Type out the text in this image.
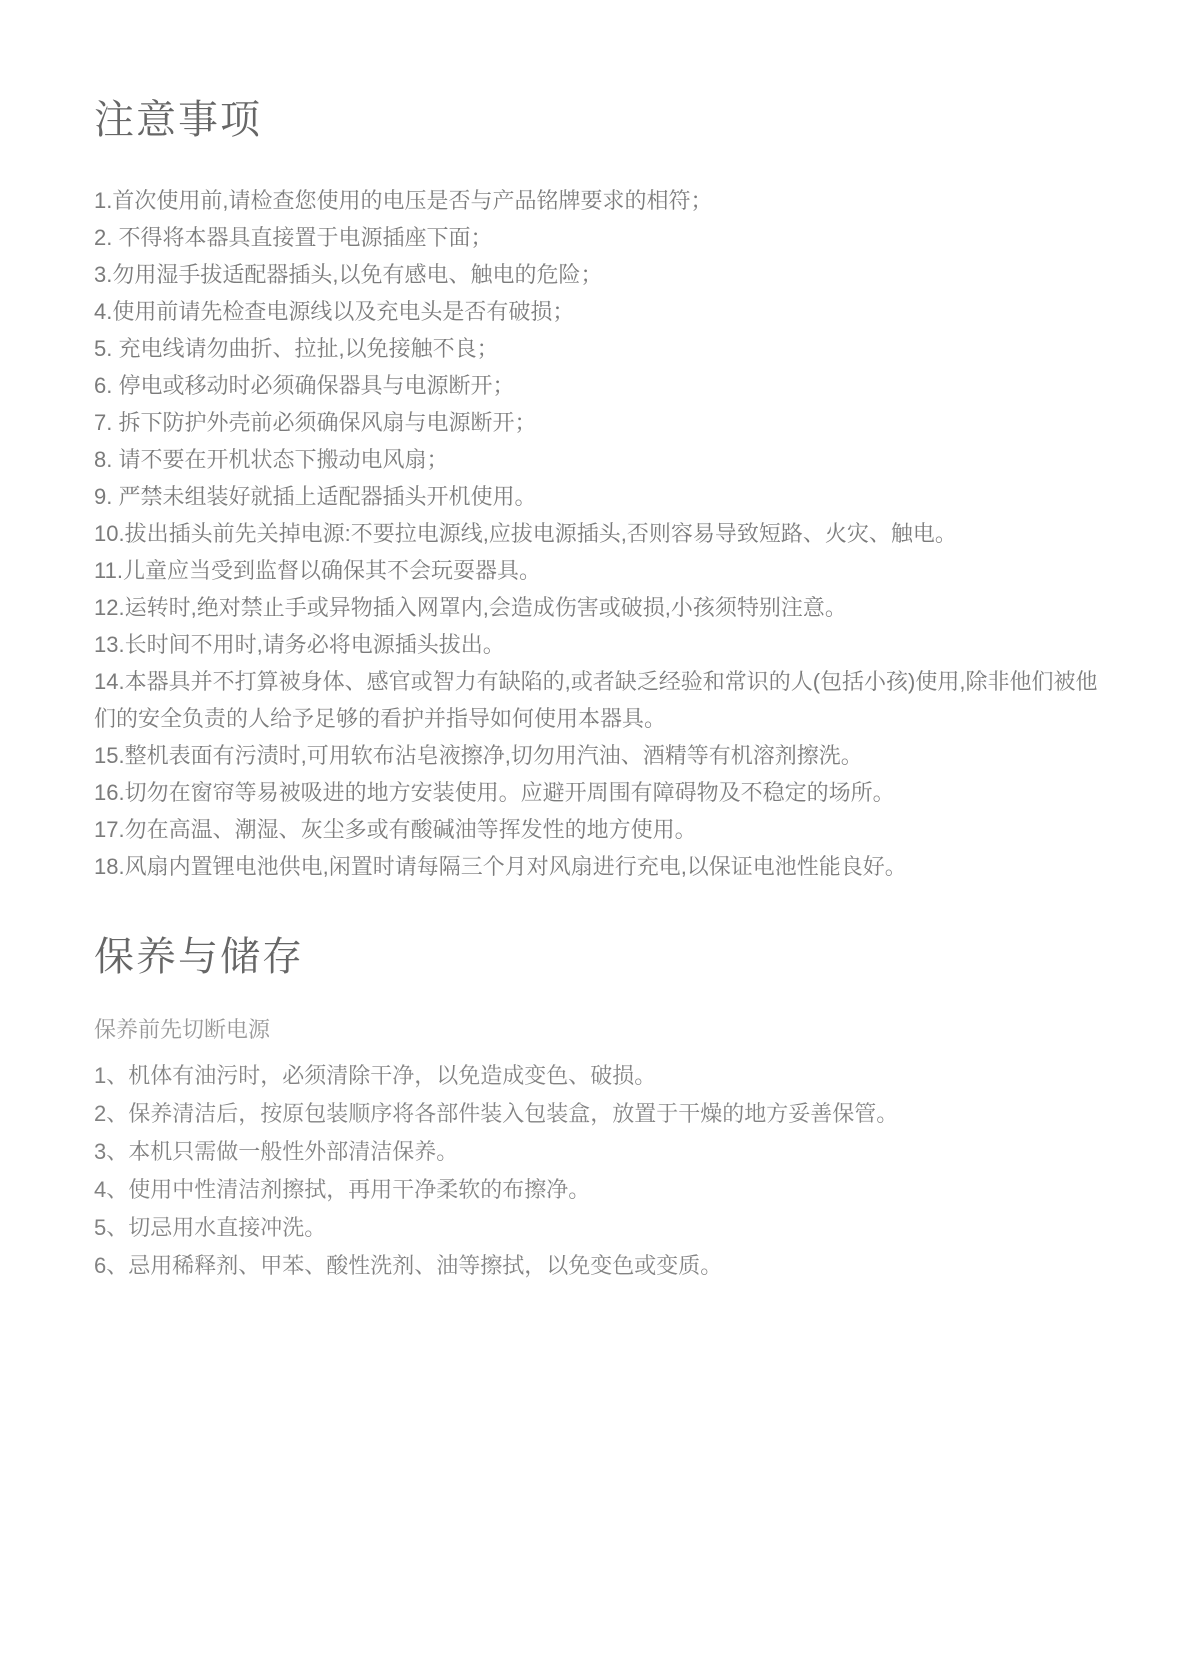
注意事项

1.首次使用前,请检查您使用的电压是否与产品铭牌要求的相符；

2. 不得将本器具直接置于电源插座下面；

3.勿用湿手拔适配器插头,以免有感电、触电的危险；

4.使用前请先检查电源线以及充电头是否有破损；

5. 充电线请勿曲折、拉扯,以免接触不良；

6. 停电或移动时必须确保器具与电源断开；

7. 拆下防护外壳前必须确保风扇与电源断开；

8. 请不要在开机状态下搬动电风扇；

9. 严禁未组装好就插上适配器插头开机使用。

10.拔出插头前先关掉电源:不要拉电源线,应拔电源插头,否则容易导致短路、火灾、触电。

11.儿童应当受到监督以确保其不会玩耍器具。

12.运转时,绝对禁止手或异物插入网罩内,会造成伤害或破损,小孩须特别注意。

13.长时间不用时,请务必将电源插头拔出。

14.本器具并不打算被身体、感官或智力有缺陷的,或者缺乏经验和常识的人(包括小孩)使用,除非他们被他们的安全负责的人给予足够的看护并指导如何使用本器具。

15.整机表面有污渍时,可用软布沾皂液擦净,切勿用汽油、酒精等有机溶剂擦洗。

16.切勿在窗帘等易被吸进的地方安装使用。应避开周围有障碍物及不稳定的场所。

17.勿在高温、潮湿、灰尘多或有酸碱油等挥发性的地方使用。

18.风扇内置锂电池供电,闲置时请每隔三个月对风扇进行充电,以保证电池性能良好。

保养与储存

保养前先切断电源

1、机体有油污时，必须清除干净，以免造成变色、破损。

2、保养清洁后，按原包装顺序将各部件装入包装盒，放置于干燥的地方妥善保管。

3、本机只需做一般性外部清洁保养。

4、使用中性清洁剂擦拭，再用干净柔软的布擦净。

5、切忌用水直接冲洗。

6、忌用稀释剂、甲苯、酸性洗剂、油等擦拭，以免变色或变质。
